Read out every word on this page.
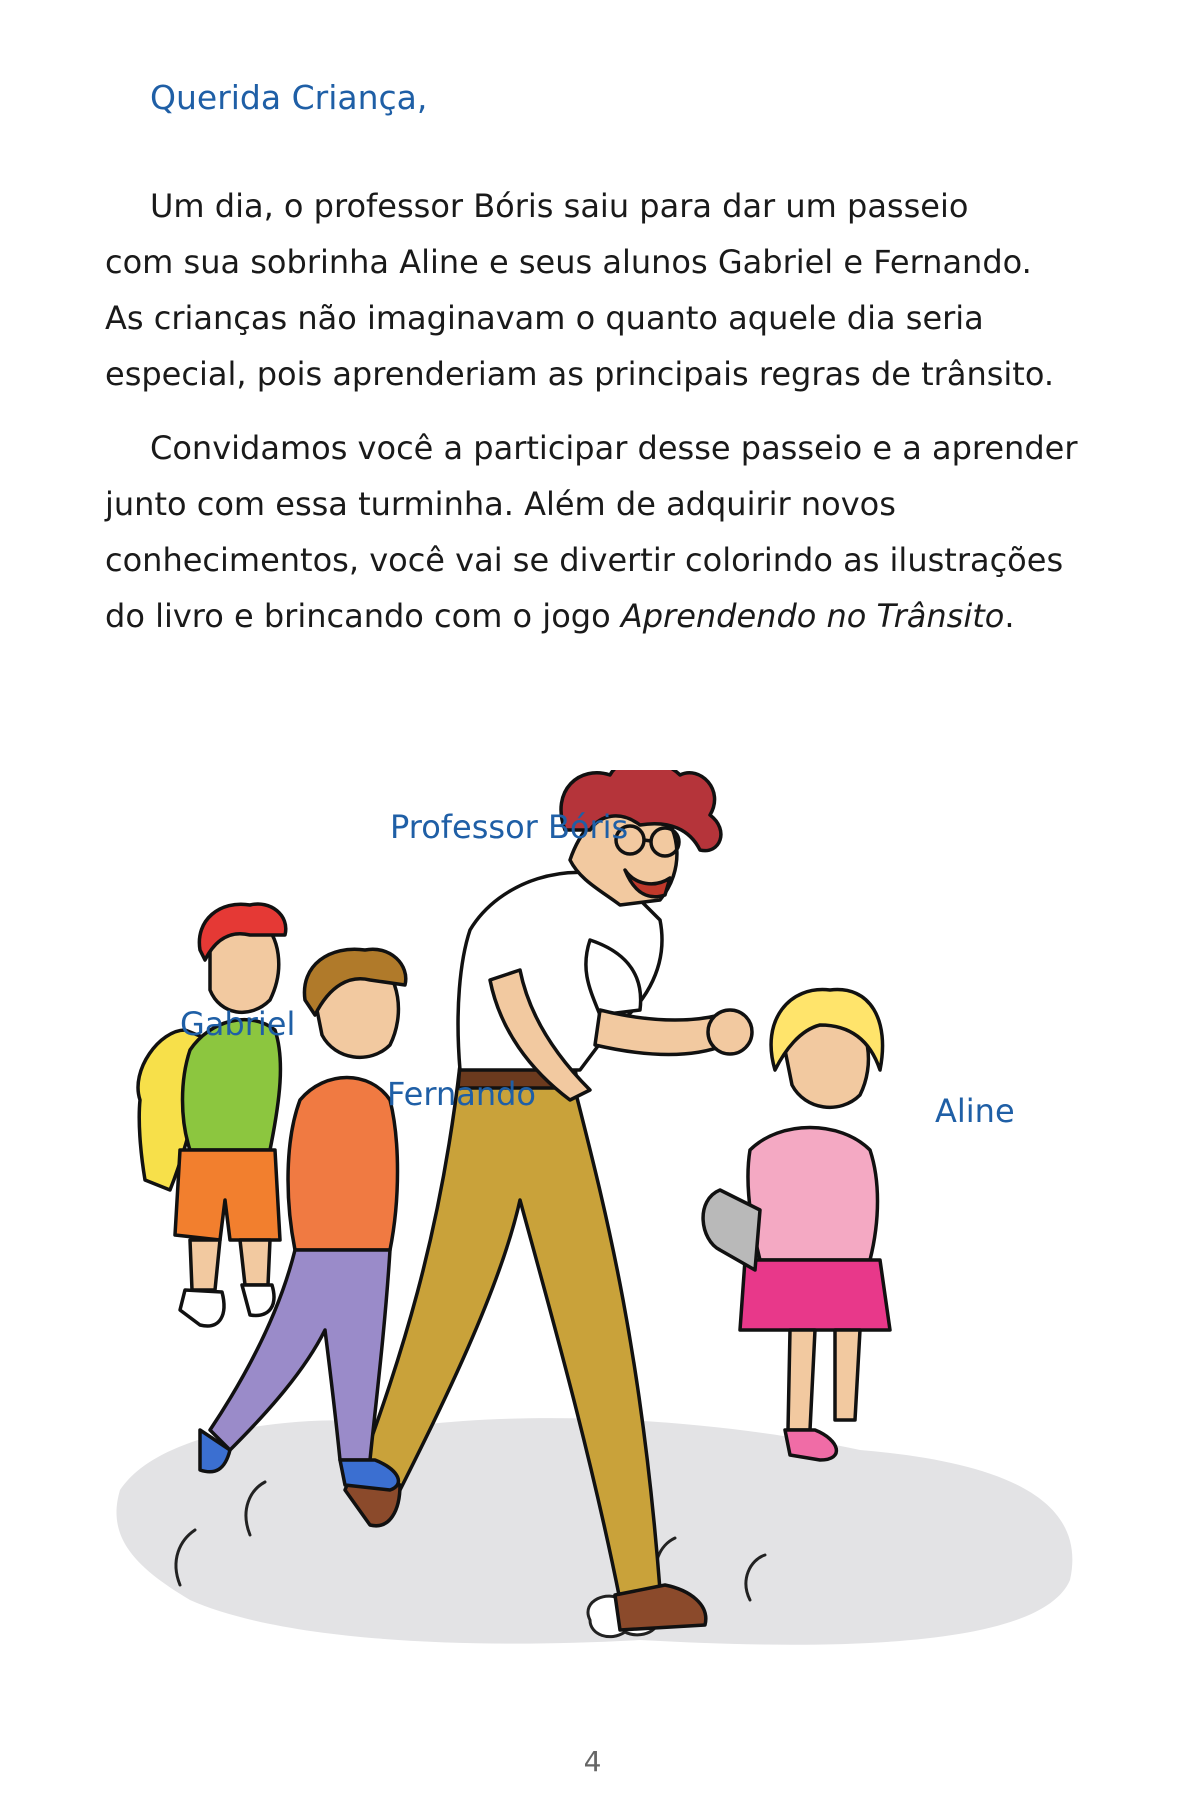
Querida Criança,
Um dia, o professor Bóris saiu para dar um passeio
com sua sobrinha Aline e seus alunos Gabriel e Fernando.
As crianças não imaginavam o quanto aquele dia seria
especial, pois aprenderiam as principais regras de trânsito.
Convidamos você a participar desse passeio e a aprender
junto com essa turminha. Além de adquirir novos
conhecimentos, você vai se divertir colorindo as ilustrações
do livro e brincando com o jogo Aprendendo no Trânsito.
Professor Bóris
Gabriel
Fernando	Aline
4
